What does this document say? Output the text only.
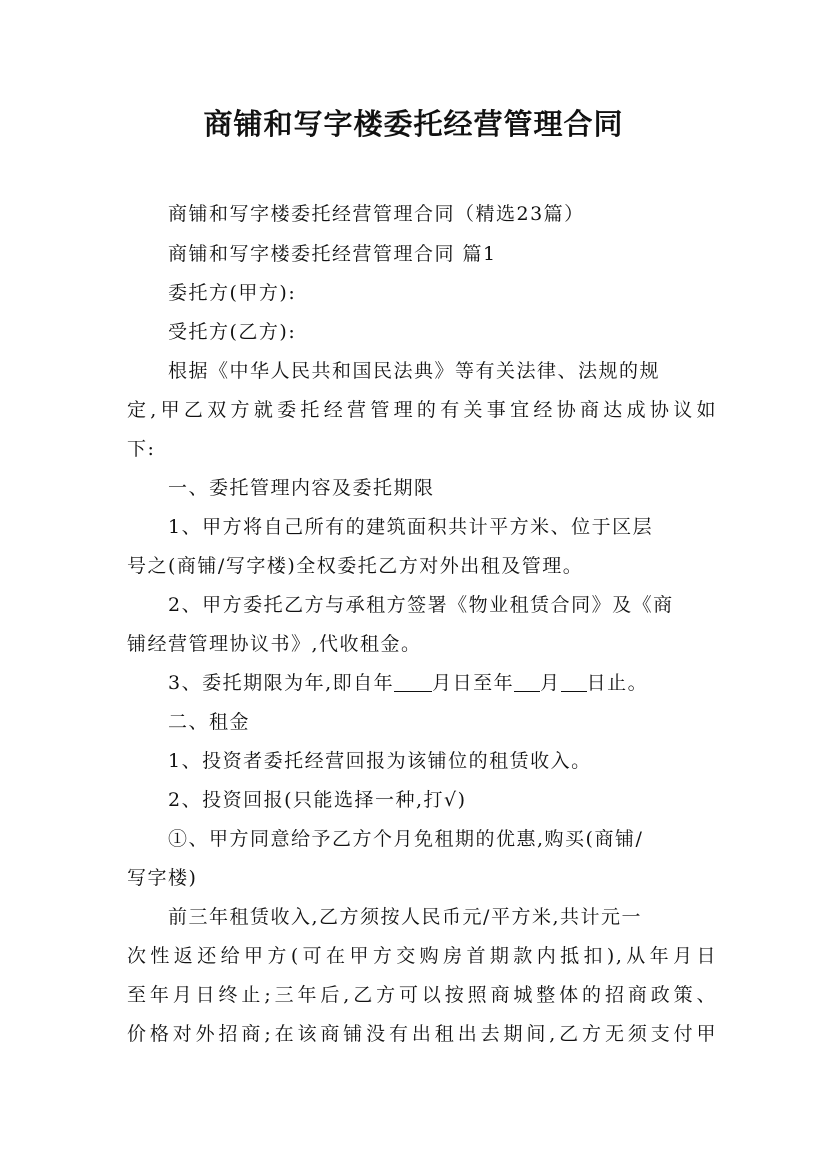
商铺和写字楼委托经营管理合同
商铺和写字楼委托经营管理合同（精选23篇）
商铺和写字楼委托经营管理合同 篇1
委托方(甲方):
受托方(乙方):
根据《中华人民共和国民法典》等有关法律、法规的规
定,甲乙双方就委托经营管理的有关事宜经协商达成协议如
下:
一、委托管理内容及委托期限
1、甲方将自己所有的建筑面积共计平方米、位于区层
号之(商铺/写字楼)全权委托乙方对外出租及管理。
2、甲方委托乙方与承租方签署《物业租赁合同》及《商
铺经营管理协议书》,代收租金。
3、委托期限为年,即自年 月日至年 月 日止。
二、租金
1、投资者委托经营回报为该铺位的租赁收入。
2、投资回报(只能选择一种,打√)
①、甲方同意给予乙方个月免租期的优惠,购买(商铺/
写字楼)
前三年租赁收入,乙方须按人民币元/平方米,共计元一
次性返还给甲方(可在甲方交购房首期款内抵扣),从年月日
至年月日终止;三年后,乙方可以按照商城整体的招商政策、
价格对外招商;在该商铺没有出租出去期间,乙方无须支付甲
